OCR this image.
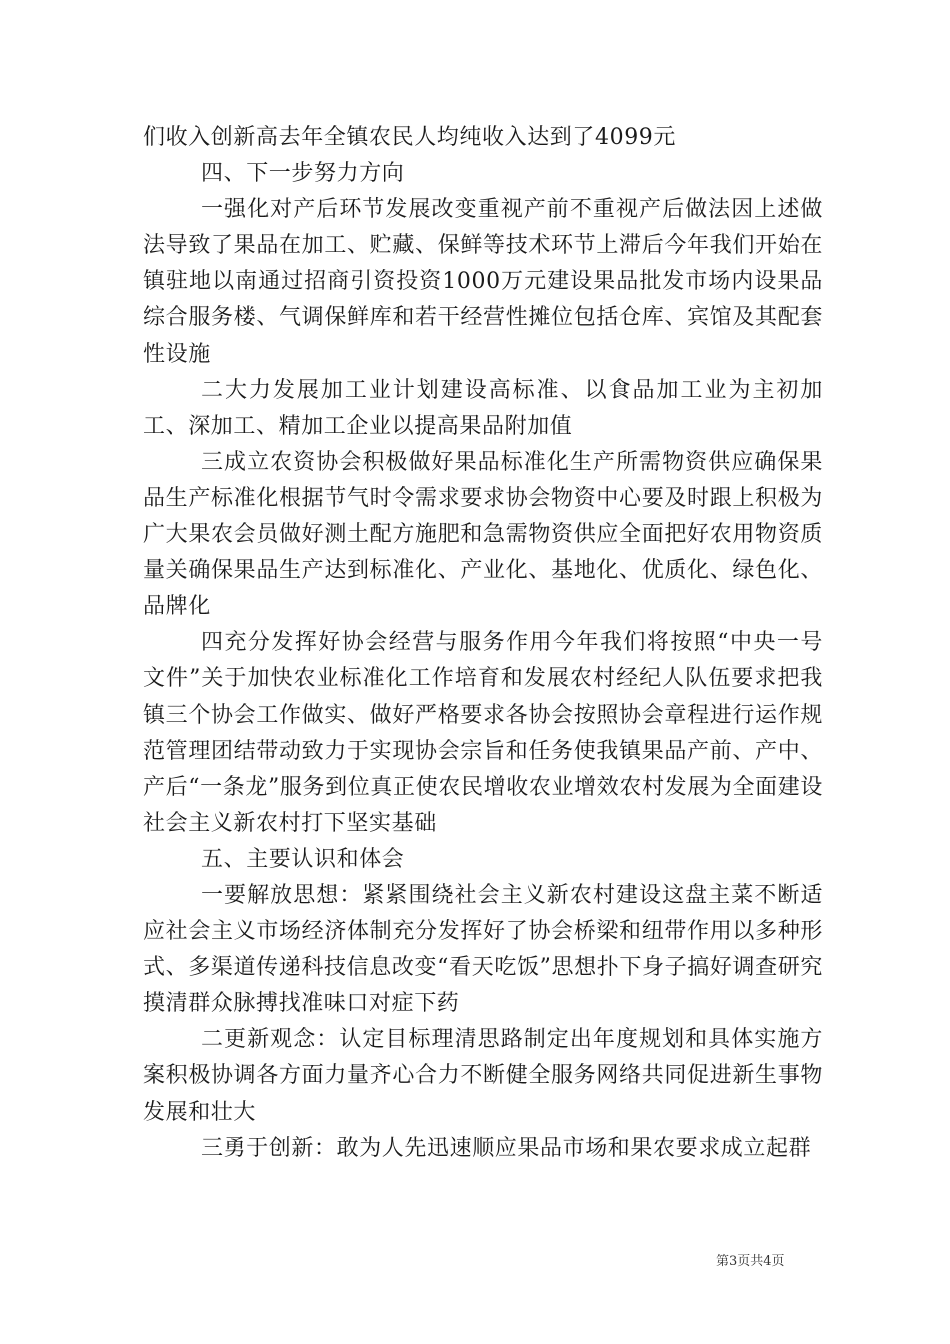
们收入创新高去年全镇农民人均纯收入达到了4099元

四、下一步努力方向

一强化对产后环节发展改变重视产前不重视产后做法因上述做法导致了果品在加工、贮藏、保鲜等技术环节上滞后今年我们开始在镇驻地以南通过招商引资投资1000万元建设果品批发市场内设果品综合服务楼、气调保鲜库和若干经营性摊位包括仓库、宾馆及其配套性设施

二大力发展加工业计划建设高标准、以食品加工业为主初加工、深加工、精加工企业以提高果品附加值

三成立农资协会积极做好果品标准化生产所需物资供应确保果品生产标准化根据节气时令需求要求协会物资中心要及时跟上积极为广大果农会员做好测土配方施肥和急需物资供应全面把好农用物资质量关确保果品生产达到标准化、产业化、基地化、优质化、绿色化、品牌化

四充分发挥好协会经营与服务作用今年我们将按照“中央一号文件”关于加快农业标准化工作培育和发展农村经纪人队伍要求把我镇三个协会工作做实、做好严格要求各协会按照协会章程进行运作规范管理团结带动致力于实现协会宗旨和任务使我镇果品产前、产中、产后“一条龙”服务到位真正使农民增收农业增效农村发展为全面建设社会主义新农村打下坚实基础

五、主要认识和体会

一要解放思想：紧紧围绕社会主义新农村建设这盘主菜不断适应社会主义市场经济体制充分发挥好了协会桥梁和纽带作用以多种形式、多渠道传递科技信息改变“看天吃饭”思想扑下身子搞好调查研究摸清群众脉搏找准味口对症下药

二更新观念：认定目标理清思路制定出年度规划和具体实施方案积极协调各方面力量齐心合力不断健全服务网络共同促进新生事物发展和壮大

三勇于创新：敢为人先迅速顺应果品市场和果农要求成立起群

第3页共4页
